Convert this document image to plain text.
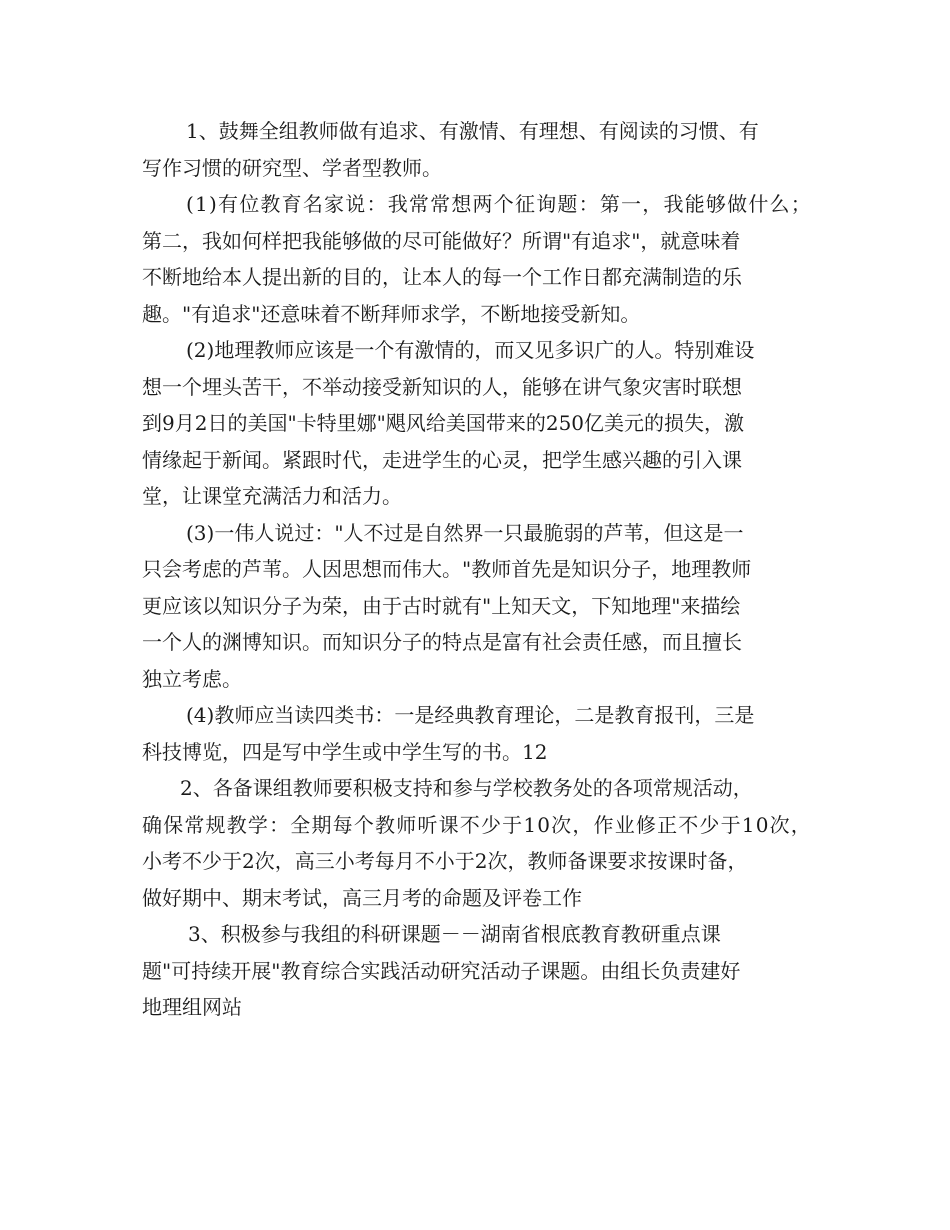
1、鼓舞全组教师做有追求、有激情、有理想、有阅读的习惯、有
写作习惯的研究型、学者型教师。
(1)有位教育名家说：我常常想两个征询题：第一，我能够做什么；
第二，我如何样把我能够做的尽可能做好？所谓"有追求"，就意味着
不断地给本人提出新的目的，让本人的每一个工作日都充满制造的乐
趣。"有追求"还意味着不断拜师求学，不断地接受新知。
(2)地理教师应该是一个有激情的，而又见多识广的人。特别难设
想一个埋头苦干，不举动接受新知识的人，能够在讲气象灾害时联想
到9月2日的美国"卡特里娜"飓风给美国带来的250亿美元的损失，激
情缘起于新闻。紧跟时代，走进学生的心灵，把学生感兴趣的引入课
堂，让课堂充满活力和活力。
(3)一伟人说过："人不过是自然界一只最脆弱的芦苇，但这是一
只会考虑的芦苇。人因思想而伟大。"教师首先是知识分子，地理教师
更应该以知识分子为荣，由于古时就有"上知天文，下知地理"来描绘
一个人的渊博知识。而知识分子的特点是富有社会责任感，而且擅长
独立考虑。
(4)教师应当读四类书：一是经典教育理论，二是教育报刊，三是
科技博览，四是写中学生或中学生写的书。12
2、各备课组教师要积极支持和参与学校教务处的各项常规活动，
确保常规教学：全期每个教师听课不少于10次，作业修正不少于10次，
小考不少于2次，高三小考每月不小于2次，教师备课要求按课时备，
做好期中、期末考试，高三月考的命题及评卷工作
3、积极参与我组的科研课题－－湖南省根底教育教研重点课
题"可持续开展"教育综合实践活动研究活动子课题。由组长负责建好
地理组网站
